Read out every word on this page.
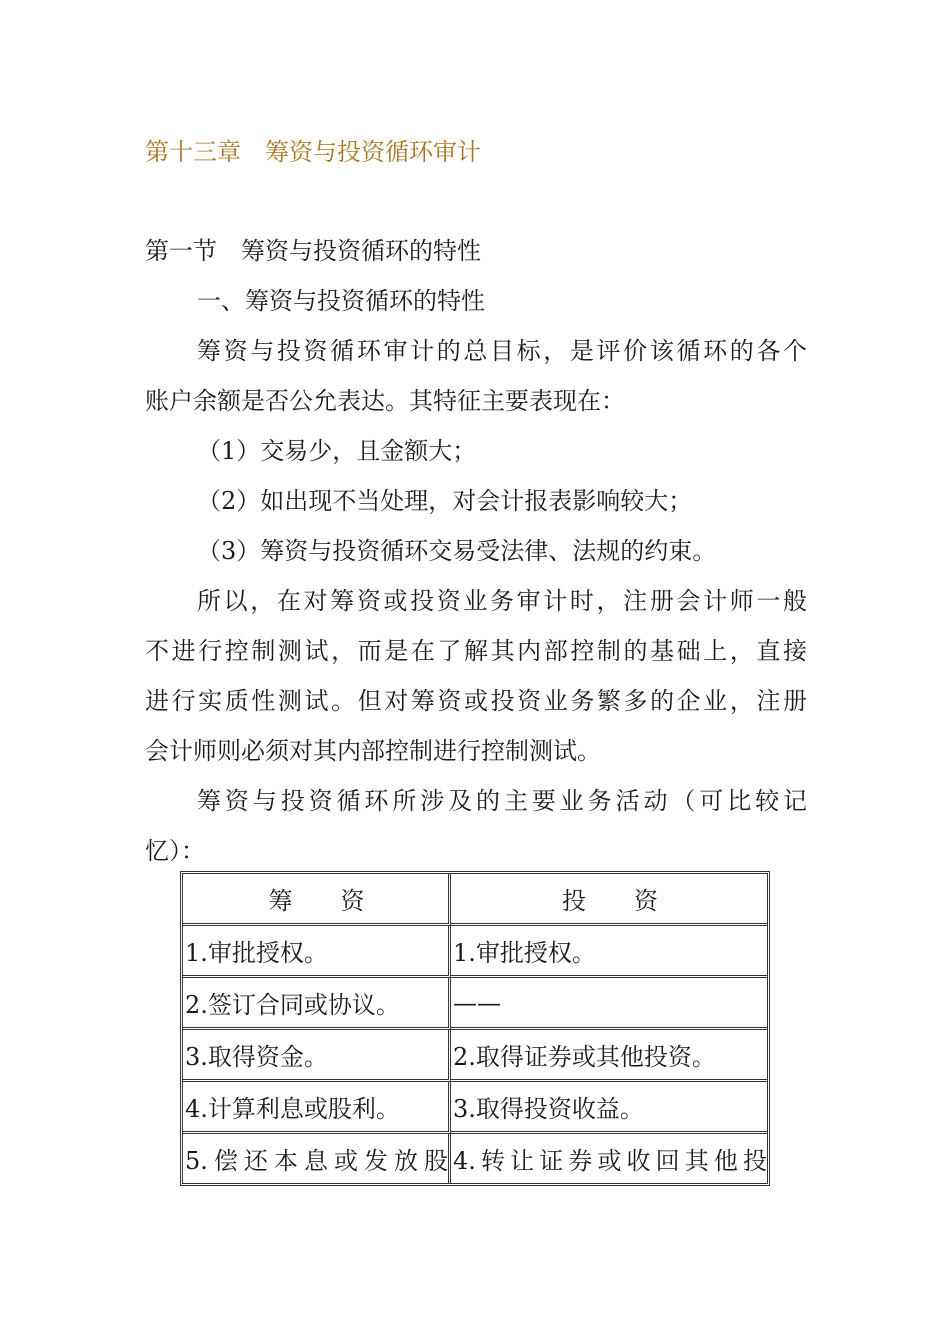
第十三章　筹资与投资循环审计

第一节　筹资与投资循环的特性

一、筹资与投资循环的特性

筹资与投资循环审计的总目标，是评价该循环的各个

账户余额是否公允表达。其特征主要表现在：

（1）交易少，且金额大；

（2）如出现不当处理，对会计报表影响较大；

（3）筹资与投资循环交易受法律、法规的约束。

所以，在对筹资或投资业务审计时，注册会计师一般

不进行控制测试，而是在了解其内部控制的基础上，直接

进行实质性测试。但对筹资或投资业务繁多的企业，注册

会计师则必须对其内部控制进行控制测试。

筹资与投资循环所涉及的主要业务活动（可比较记

忆）：

筹　　资	投　　资
1.审批授权。	1.审批授权。
2.签订合同或协议。	——
3.取得资金。	2.取得证券或其他投资。
4.计算利息或股利。	3.取得投资收益。

5.偿还本息或发放股	4.转让证券或收回其他投
